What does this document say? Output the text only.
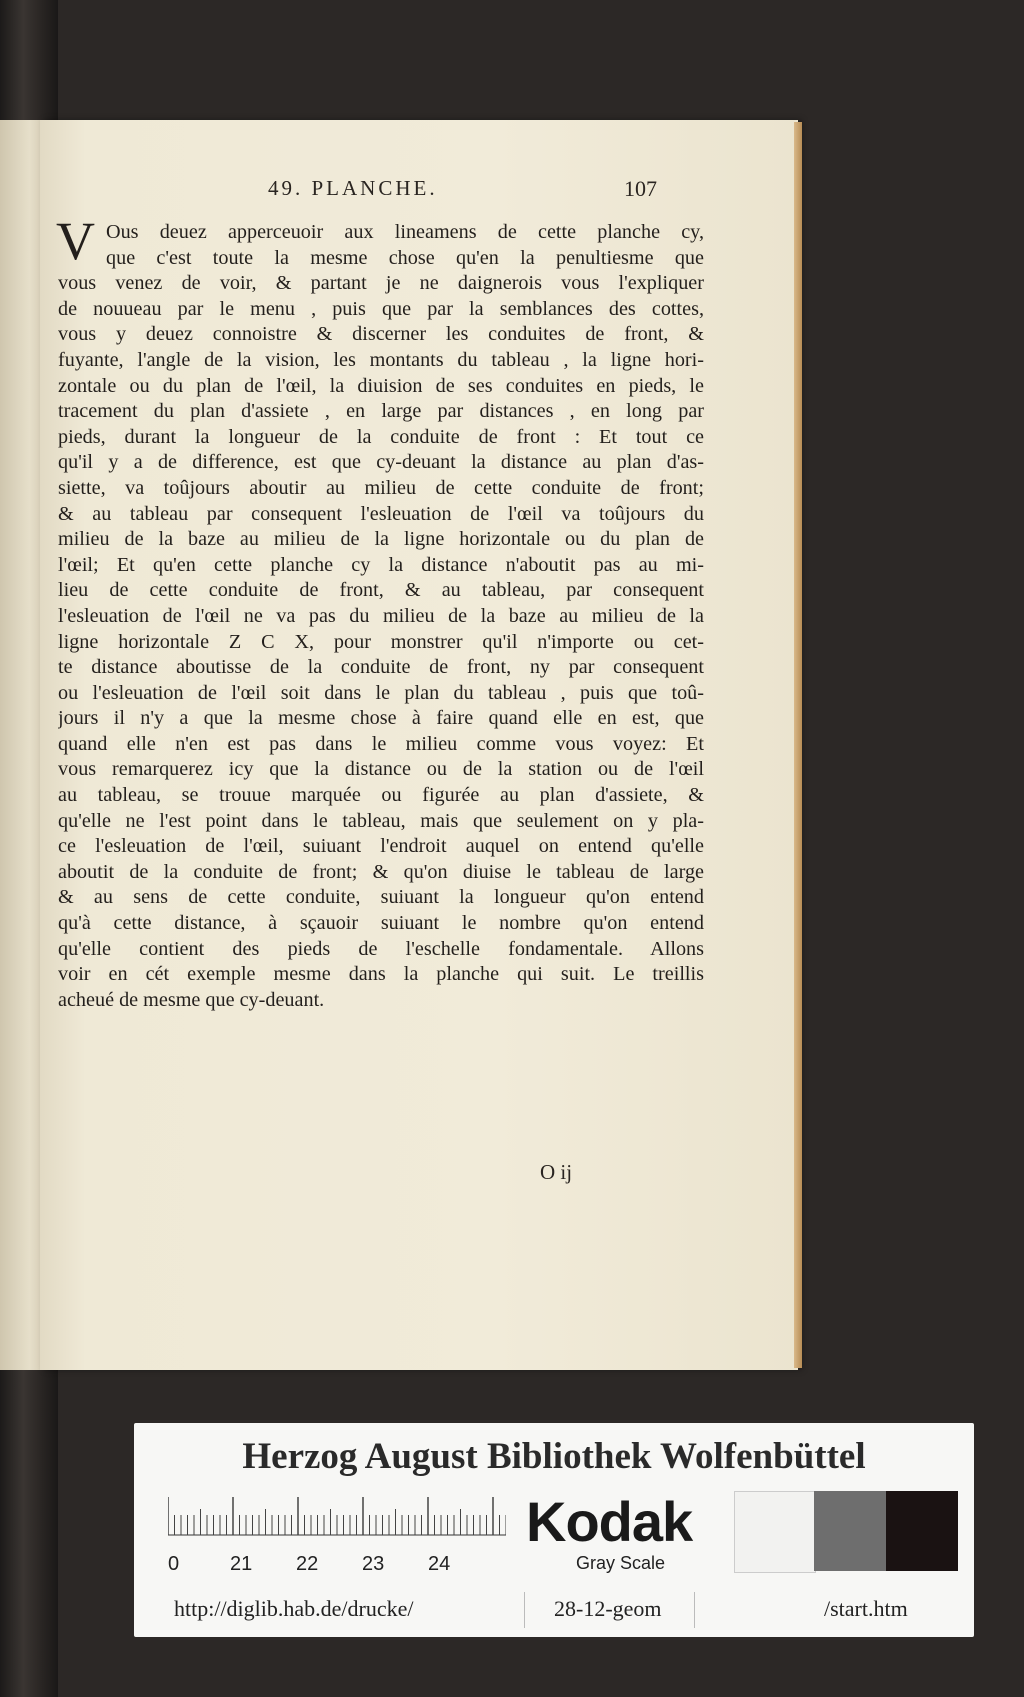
49. PLANCHE.	107
V Ous deuez apperceuoir aux lineamens de cette planche cy,
que c'est toute la mesme chose qu'en la penultiesme que
vous venez de voir, & partant je ne daignerois vous l'expliquer
de nouueau par le menu , puis que par la semblances des cottes,
vous y deuez connoistre & discerner les conduites de front, &
fuyante, l'angle de la vision, les montants du tableau , la ligne hori-
zontale ou du plan de l'œil, la diuision de ses conduites en pieds, le
tracement du plan d'assiete , en large par distances , en long par
pieds, durant la longueur de la conduite de front : Et tout ce
qu'il y a de difference, est que cy-deuant la distance au plan d'as-
siette, va toûjours aboutir au milieu de cette conduite de front;
& au tableau par consequent l'esleuation de l'œil va toûjours du
milieu de la baze au milieu de la ligne horizontale ou du plan de
l'œil; Et qu'en cette planche cy la distance n'aboutit pas au mi-
lieu de cette conduite de front, & au tableau, par consequent
l'esleuation de l'œil ne va pas du milieu de la baze au milieu de la
ligne horizontale Z C X, pour monstrer qu'il n'importe ou cet-
te distance aboutisse de la conduite de front, ny par consequent
ou l'esleuation de l'œil soit dans le plan du tableau , puis que toû-
jours il n'y a que la mesme chose à faire quand elle en est, que
quand elle n'en est pas dans le milieu comme vous voyez: Et
vous remarquerez icy que la distance ou de la station ou de l'œil
au tableau, se trouue marquée ou figurée au plan d'assiete, &
qu'elle ne l'est point dans le tableau, mais que seulement on y pla-
ce l'esleuation de l'œil, suiuant l'endroit auquel on entend qu'elle
aboutit de la conduite de front; & qu'on diuise le tableau de large
& au sens de cette conduite, suiuant la longueur qu'on entend
qu'à cette distance, à sçauoir suiuant le nombre qu'on entend
qu'elle contient des pieds de l'eschelle fondamentale. Allons
voir en cét exemple mesme dans la planche qui suit. Le treillis
acheué de mesme que cy-deuant.
O ij
Herzog August Bibliothek Wolfenbüttel
0	21 22 23 24
Kodak
Gray Scale
http://diglib.hab.de/drucke/	28-12-geom	/start.htm
